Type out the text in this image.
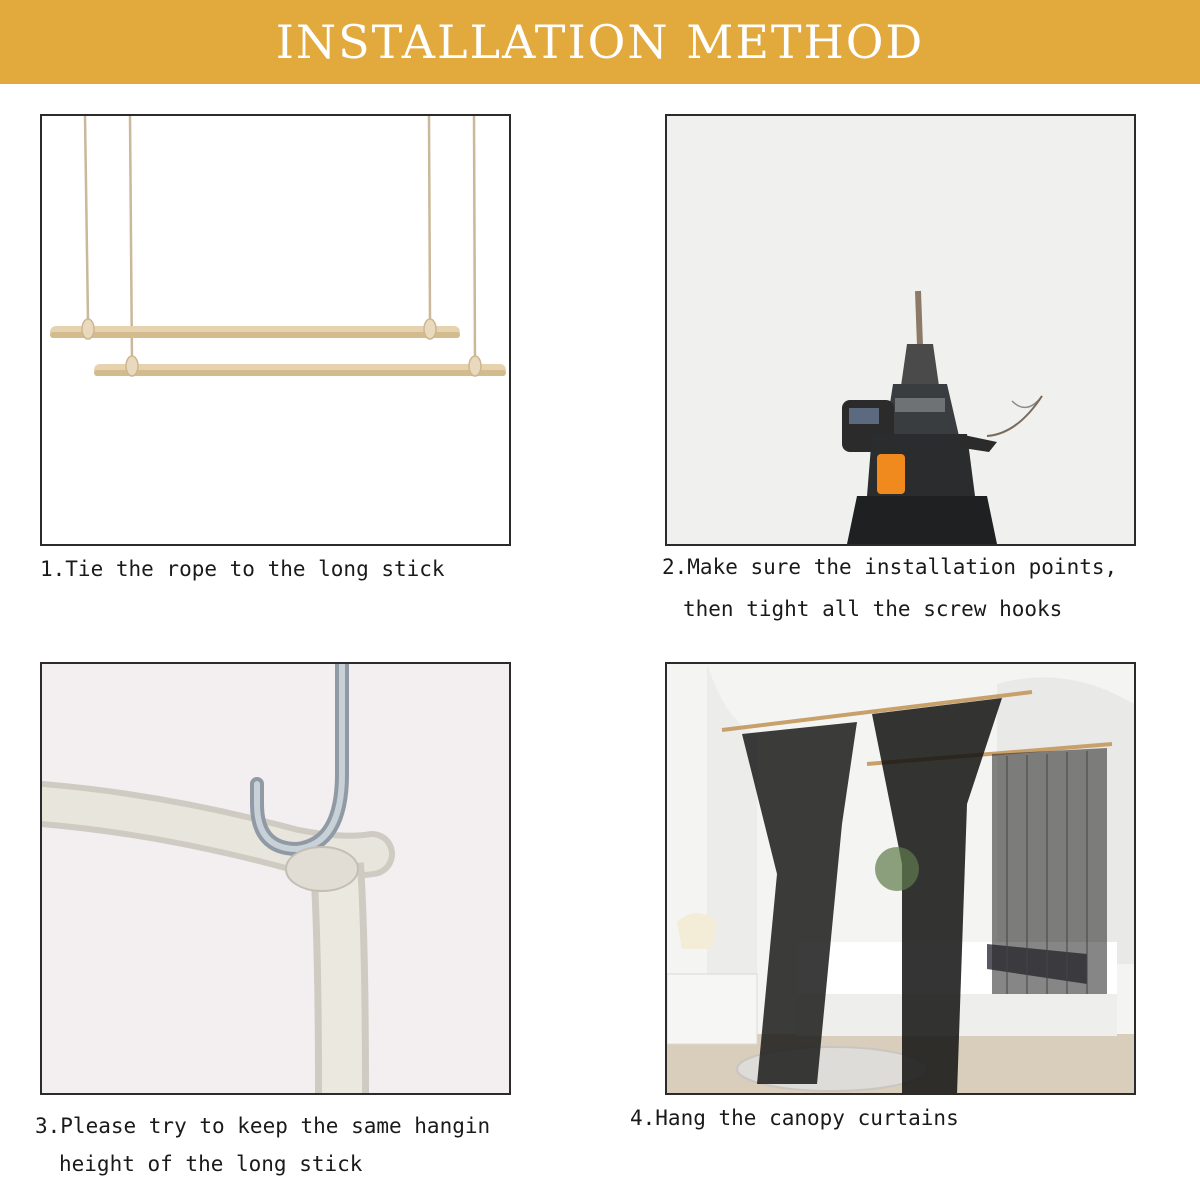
INSTALLATION METHOD
1.Tie the rope to the long stick	2.Make sure the installation points,
then tight all the screw hooks
3.Please try to keep the same hangin
height of the long stick
4.Hang the canopy curtains
